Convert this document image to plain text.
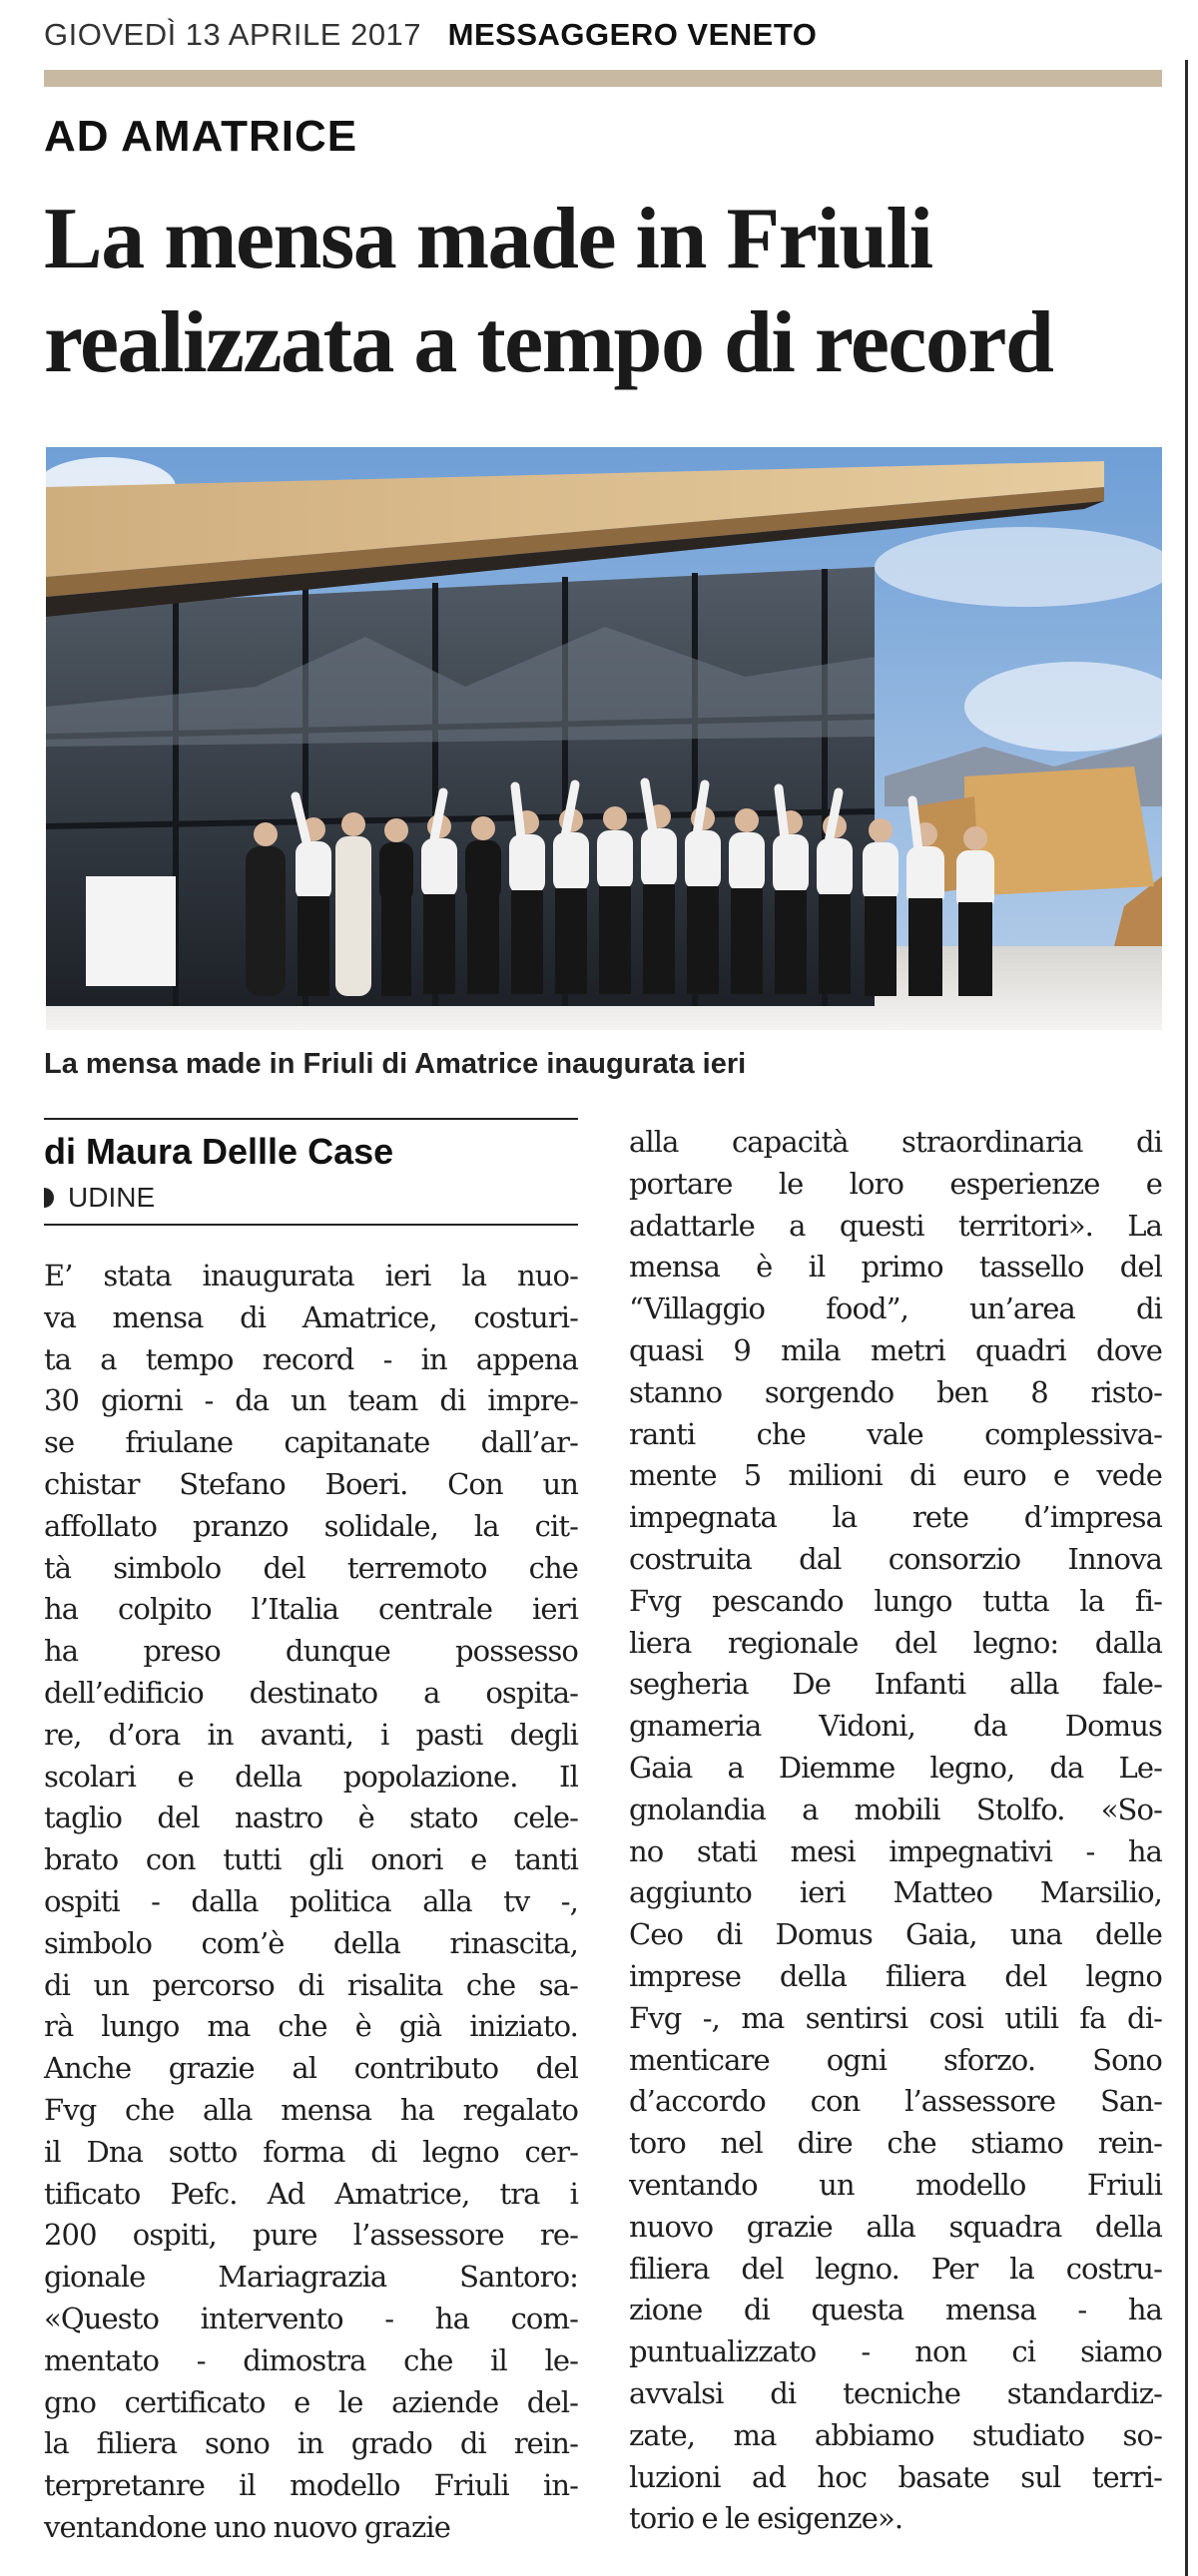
GIOVEDÌ 13 APRILE 2017 MESSAGGERO VENETO
AD AMATRICE
La mensa made in Friuli
realizzata a tempo di record
La mensa made in Friuli di Amatrice inaugurata ieri
di Maura Dellle Case
UDINE
E’ stata inaugurata ieri la nuo-
va mensa di Amatrice, costuri-
ta a tempo record - in appena
30 giorni - da un team di impre-
se friulane capitanate dall’ar-
chistar Stefano Boeri. Con un
affollato pranzo solidale, la cit-
tà simbolo del terremoto che
ha colpito l’Italia centrale ieri
ha preso dunque possesso
dell’edificio destinato a ospita-
re, d’ora in avanti, i pasti degli
scolari e della popolazione. Il
taglio del nastro è stato cele-
brato con tutti gli onori e tanti
ospiti - dalla politica alla tv -,
simbolo com’è della rinascita,
di un percorso di risalita che sa-
rà lungo ma che è già iniziato.
Anche grazie al contributo del
Fvg che alla mensa ha regalato
il Dna sotto forma di legno cer-
tificato Pefc. Ad Amatrice, tra i
200 ospiti, pure l’assessore re-
gionale Mariagrazia Santoro:
«Questo intervento - ha com-
mentato - dimostra che il le-
gno certificato e le aziende del-
la filiera sono in grado di rein-
terpretanre il modello Friuli in-
ventandone uno nuovo grazie
alla capacità straordinaria di
portare le loro esperienze e
adattarle a questi territori». La
mensa è il primo tassello del
“Villaggio food”, un’area di
quasi 9 mila metri quadri dove
stanno sorgendo ben 8 risto-
ranti che vale complessiva-
mente 5 milioni di euro e vede
impegnata la rete d’impresa
costruita dal consorzio Innova
Fvg pescando lungo tutta la fi-
liera regionale del legno: dalla
segheria De Infanti alla fale-
gnameria Vidoni, da Domus
Gaia a Diemme legno, da Le-
gnolandia a mobili Stolfo. «So-
no stati mesi impegnativi - ha
aggiunto ieri Matteo Marsilio,
Ceo di Domus Gaia, una delle
imprese della filiera del legno
Fvg -, ma sentirsi cosi utili fa di-
menticare ogni sforzo. Sono
d’accordo con l’assessore San-
toro nel dire che stiamo rein-
ventando un modello Friuli
nuovo grazie alla squadra della
filiera del legno. Per la costru-
zione di questa mensa - ha
puntualizzato - non ci siamo
avvalsi di tecniche standardiz-
zate, ma abbiamo studiato so-
luzioni ad hoc basate sul terri-
torio e le esigenze».
